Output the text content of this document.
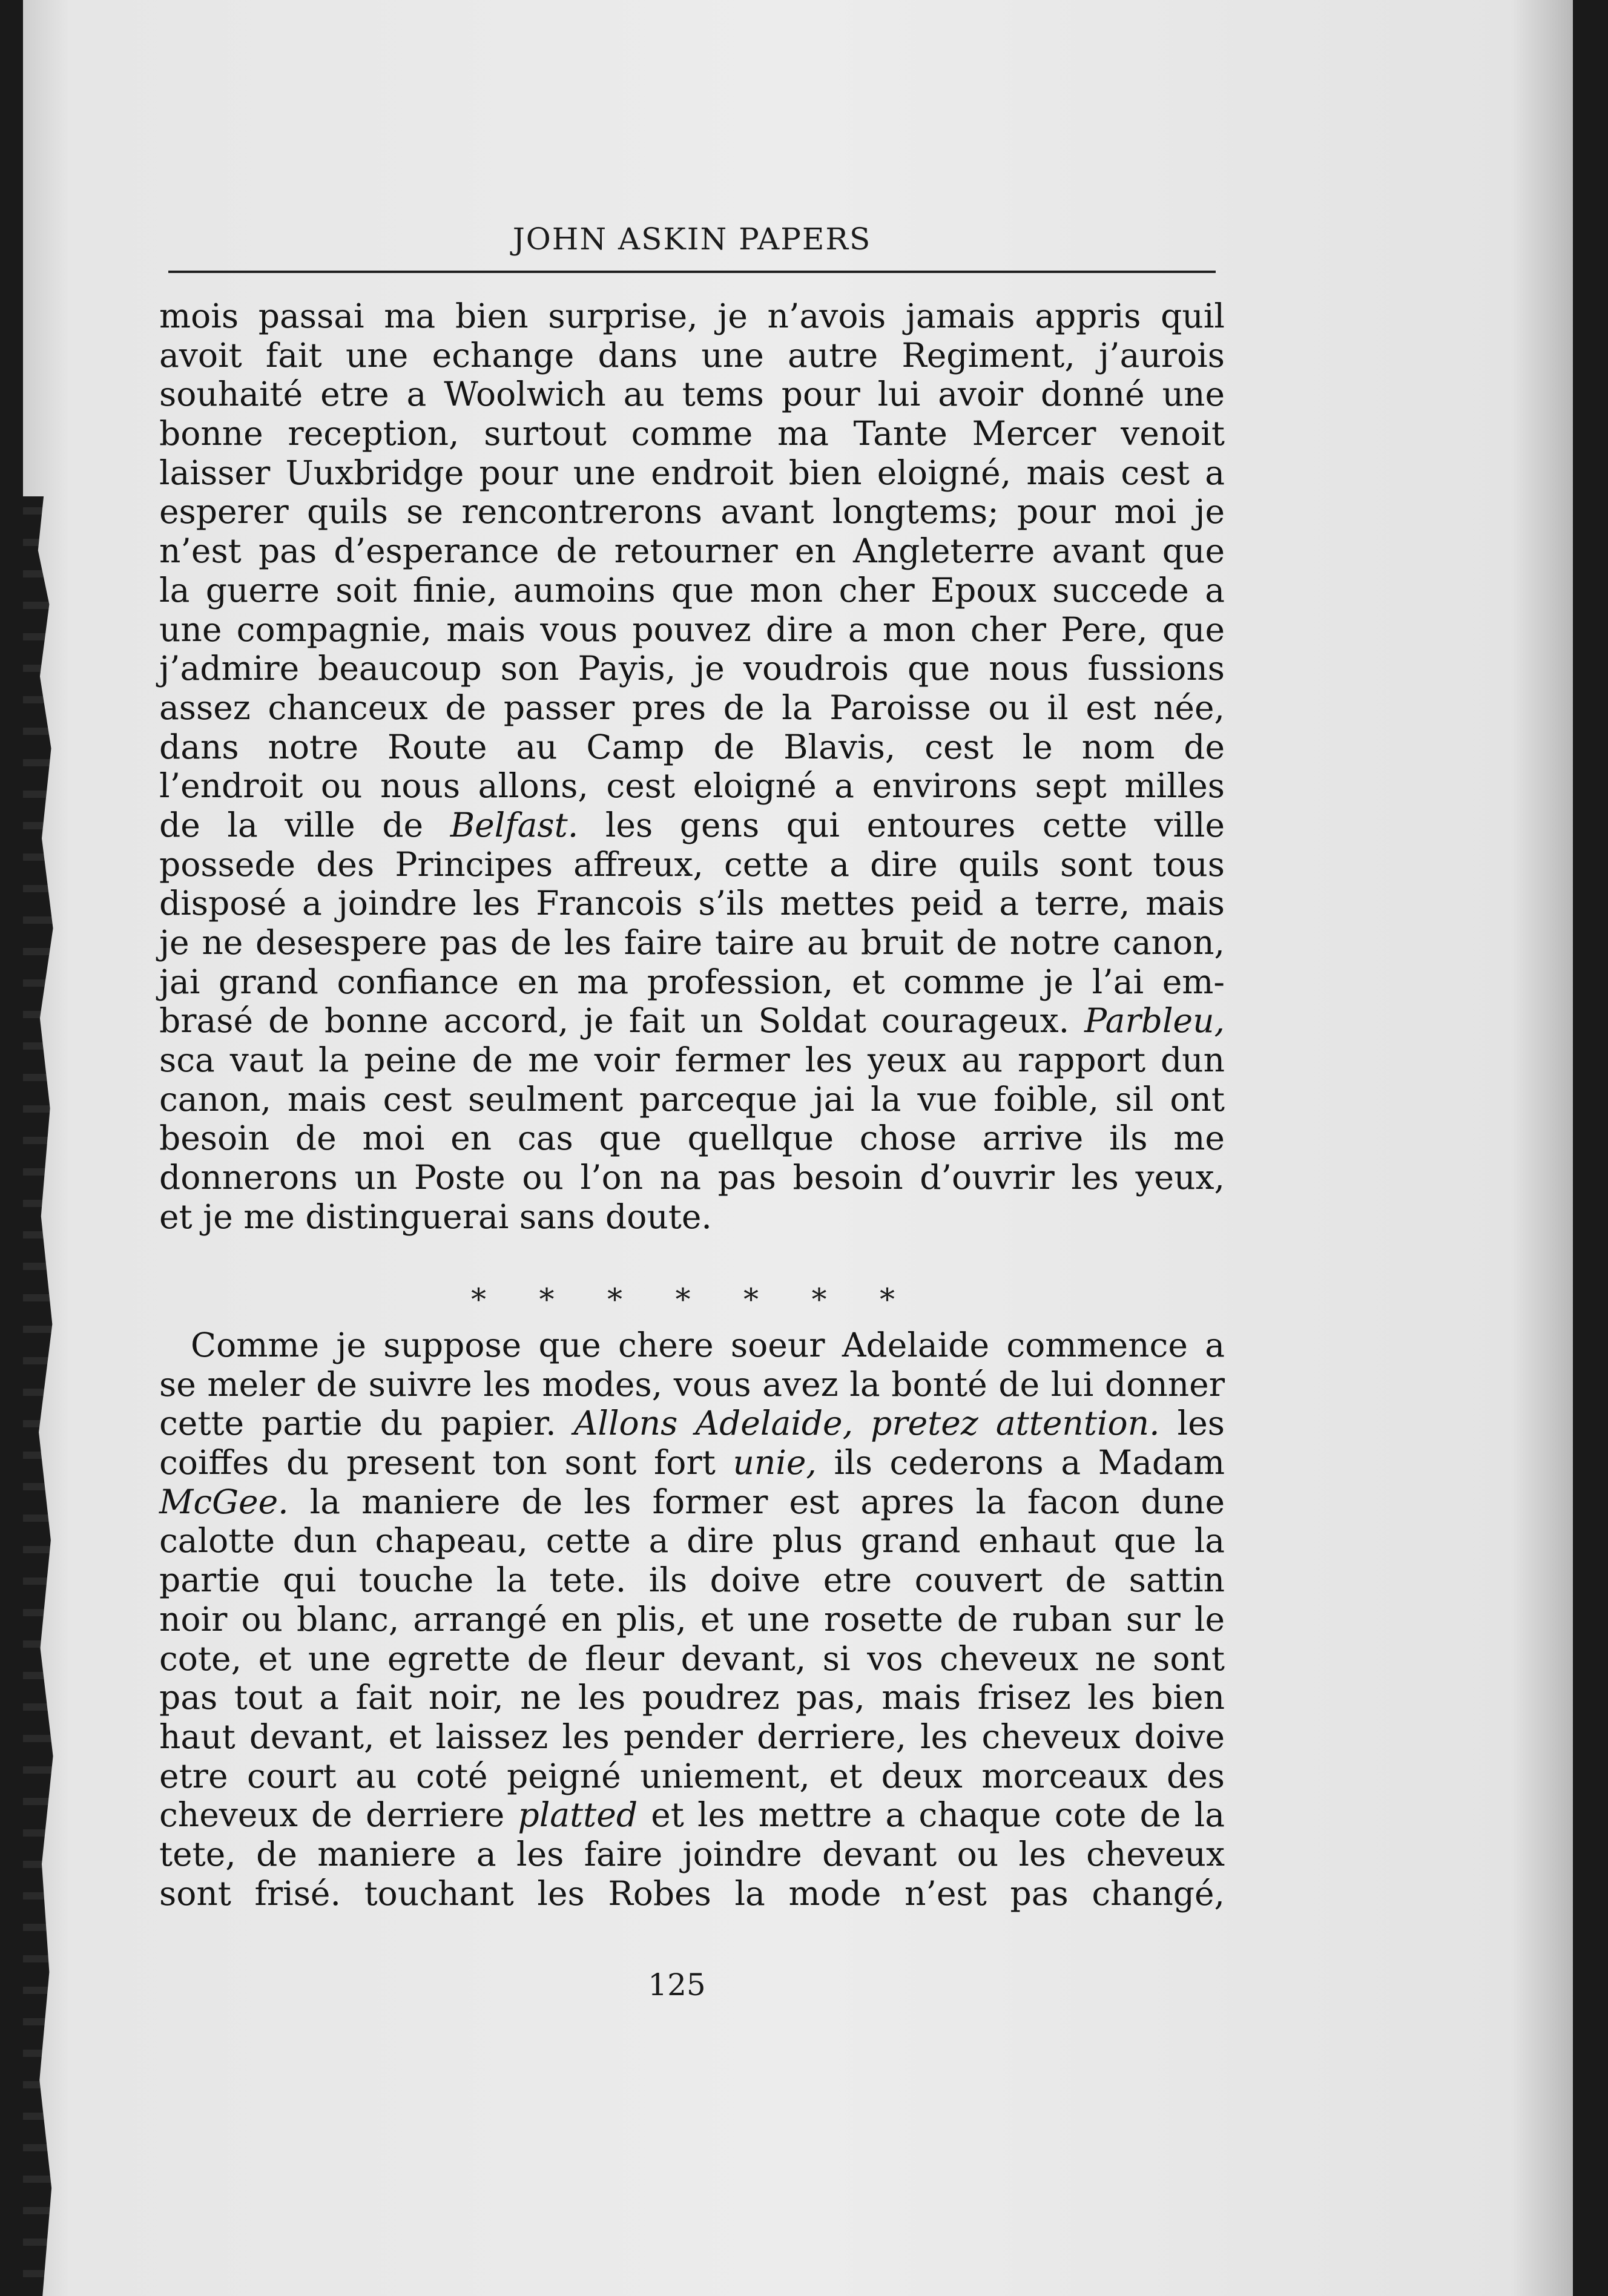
JOHN ASKIN PAPERS
mois passai ma bien surprise, je n’avois jamais appris quil
avoit fait une echange dans une autre Regiment, j’aurois
souhaité etre a Woolwich au tems pour lui avoir donné une
bonne reception, surtout comme ma Tante Mercer venoit
laisser Uuxbridge pour une endroit bien eloigné, mais cest a
esperer quils se rencontrerons avant longtems; pour moi je
n’est pas d’esperance de retourner en Angleterre avant que
la guerre soit finie, aumoins que mon cher Epoux succede a
une compagnie, mais vous pouvez dire a mon cher Pere, que
j’admire beaucoup son Payis, je voudrois que nous fussions
assez chanceux de passer pres de la Paroisse ou il est née,
dans notre Route au Camp de Blavis, cest le nom de
l’endroit ou nous allons, cest eloigné a environs sept milles
de la ville de Belfast. les gens qui entoures cette ville
possede des Principes affreux, cette a dire quils sont tous
disposé a joindre les Francois s’ils mettes peid a terre, mais
je ne desespere pas de les faire taire au bruit de notre canon,
jai grand confiance en ma profession, et comme je l’ai em-
brasé de bonne accord, je fait un Soldat courageux. Parbleu,
sca vaut la peine de me voir fermer les yeux au rapport dun
canon, mais cest seulment parceque jai la vue foible, sil ont
besoin de moi en cas que quellque chose arrive ils me
donnerons un Poste ou l’on na pas besoin d’ouvrir les yeux,
et je me distinguerai sans doute.
* * * * * * *
Comme je suppose que chere soeur Adelaide commence a
se meler de suivre les modes, vous avez la bonté de lui donner
cette partie du papier. Allons Adelaide, pretez attention. les
coiffes du present ton sont fort unie, ils cederons a Madam
McGee. la maniere de les former est apres la facon dune
calotte dun chapeau, cette a dire plus grand enhaut que la
partie qui touche la tete. ils doive etre couvert de sattin
noir ou blanc, arrangé en plis, et une rosette de ruban sur le
cote, et une egrette de fleur devant, si vos cheveux ne sont
pas tout a fait noir, ne les poudrez pas, mais frisez les bien
haut devant, et laissez les pender derriere, les cheveux doive
etre court au coté peigné uniement, et deux morceaux des
cheveux de derriere platted et les mettre a chaque cote de la
tete, de maniere a les faire joindre devant ou les cheveux
sont frisé. touchant les Robes la mode n’est pas changé,
125
